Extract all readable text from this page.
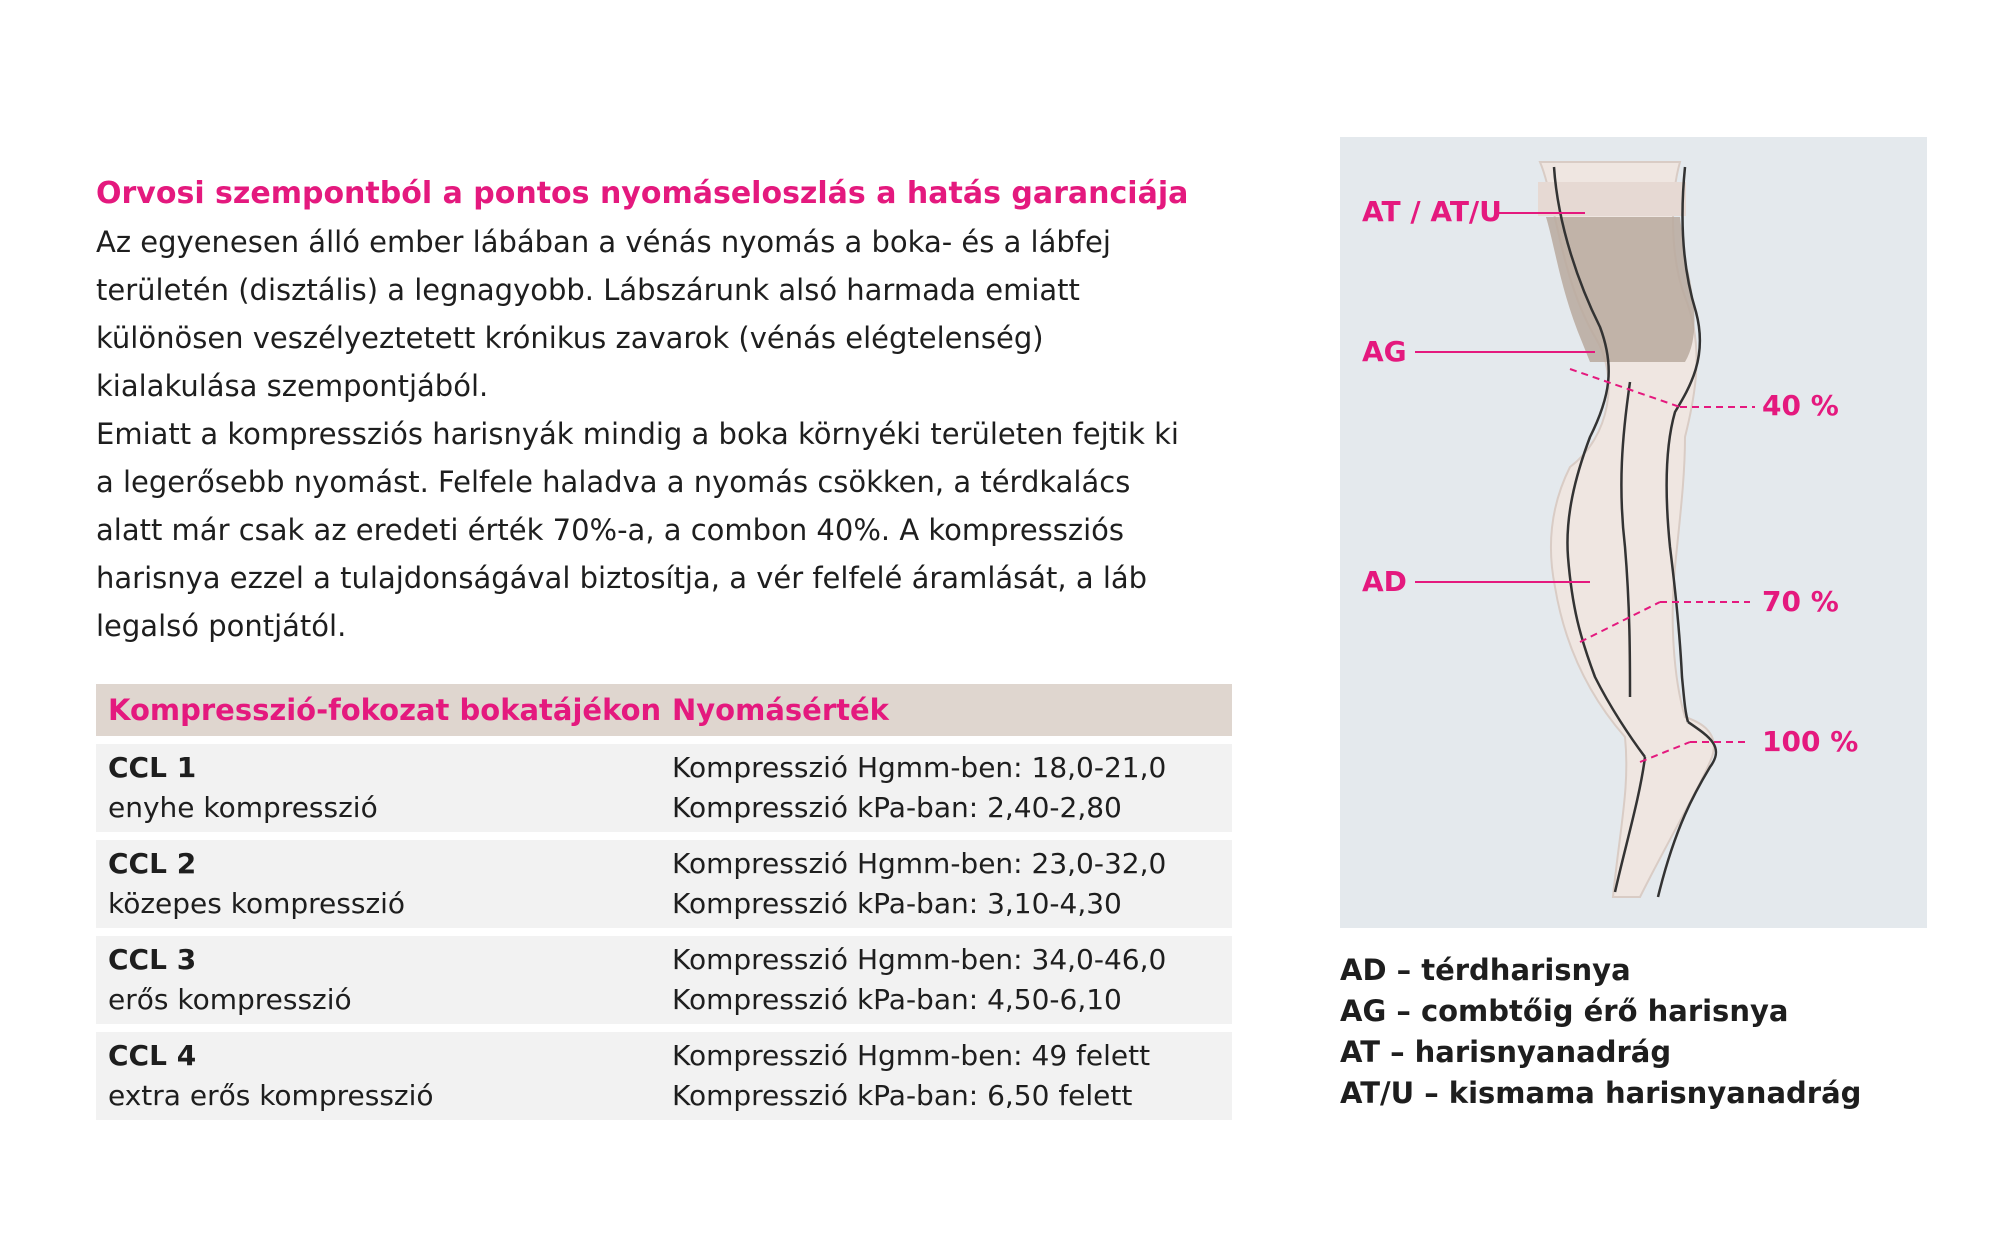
Orvosi szempontból a pontos nyomáseloszlás a hatás garanciája

Az egyenesen álló ember lábában a vénás nyomás a boka- és a lábfej

területén (disztális) a legnagyobb. Lábszárunk alsó harmada emiatt

különösen veszélyeztetett krónikus zavarok (vénás elégtelenség)

kialakulása szempontjából.

Emiatt a kompressziós harisnyák mindig a boka környéki területen fejtik ki

a legerősebb nyomást. Felfele haladva a nyomás csökken, a térdkalács

alatt már csak az eredeti érték 70%-a, a combon 40%. A kompressziós

harisnya ezzel a tulajdonságával biztosítja, a vér felfelé áramlását, a láb

legalsó pontjától.

Kompresszió-fokozat bokatájékon Nyomásérték
CCL 1
enyhe kompresszió
Kompresszió Hgmm-ben: 18,0-21,0
Kompresszió kPa-ban: 2,40-2,80
CCL 2
közepes kompresszió
Kompresszió Hgmm-ben: 23,0-32,0
Kompresszió kPa-ban: 3,10-4,30
CCL 3
erős kompresszió
Kompresszió Hgmm-ben: 34,0-46,0
Kompresszió kPa-ban: 4,50-6,10
CCL 4
extra erős kompresszió
Kompresszió Hgmm-ben: 49 felett
Kompresszió kPa-ban: 6,50 felett
AT / AT/U
AG
AD
40 %
70 %
100 %
AD – térdharisnya
AG – combtőig érő harisnya
AT – harisnyanadrág
AT/U – kismama harisnyanadrág
